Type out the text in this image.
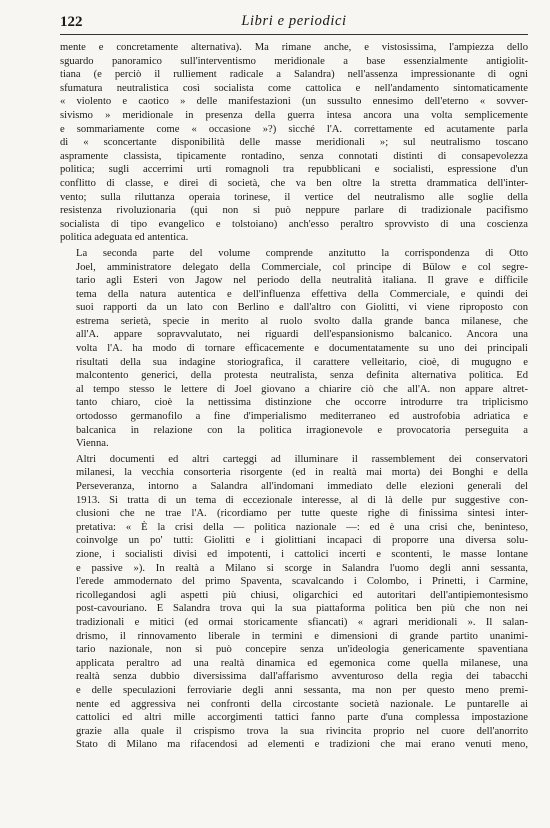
122	Libri e periodici
mente e concretamente alternativa). Ma rimane anche, e vistosissima, l'ampiezza dello
sguardo panoramico sull'interventismo meridionale a base essenzialmente antigiolit-
tiana (e perciò il rullìement radicale a Salandra) nell'assenza impressionante di ogni
sfumatura neutralistica così socialista come cattolica e nell'andamento sintomaticamente
« violento e caotico » delle manifestazioni (un sussulto ennesimo dell'eterno « sovver-
sivismo » meridionale in presenza della guerra intesa ancora una volta semplicemente
e sommariamente come « occasione »?) sicché l'A. correttamente ed acutamente parla
di « sconcertante disponibilità delle masse meridionali »; sul neutralismo toscano
aspramente classista, tipicamente rontadino, senza connotati distinti di consapevolezza
politica; sugli accerrimi urti romagnoli tra repubblicani e socialisti, espressione d'un
conflitto di classe, e direi di società, che va ben oltre la stretta drammatica dell'inter-
vento; sulla riluttanza operaia torinese, il vertice del neutralismo alle soglie della
resistenza rivoluzionaria (qui non si può neppure parlare di tradizionale pacifismo
socialista di tipo evangelico e tolstoiano) anch'esso peraltro sprovvisto di una coscienza
politica adeguata ed antentica.
La seconda parte del volume comprende anzitutto la corrispondenza di Otto
Joel, amministratore delegato della Commerciale, col principe di Bülow e col segre-
tario agli Esteri von Jagow nel periodo della neutralità italiana. Il grave e difficile
tema della natura autentica e dell'influenza effettiva della Commerciale, e quindi dei
suoi rapporti da un lato con Berlino e dall'altro con Giolitti, vi viene riproposto con
estrema serietà, specie in merito al ruolo svolto dalla grande banca milanese, che
all'A. appare sopravvalutato, nei riguardi dell'espansionismo balcanico. Ancora una
volta l'A. ha modo di tornare efficacemente e documentatamente su uno dei principali
risultati della sua indagine storiografica, il carattere velleitario, cioè, di mugugno e
malcontento generici, della protesta neutralista, senza definita alternativa politica. Ed
al tempo stesso le lettere di Joel giovano a chiarire ciò che all'A. non appare altret-
tanto chiaro, cioè la nettissima distinzione che occorre introdurre tra triplicismo
ortodosso germanofilo a fine d'imperialismo mediterraneo ed austrofobia adriatica e
balcanica in relazione con la politica irragionevole e provocatoria perseguita a
Vienna.
Altri documenti ed altri carteggi ad illuminare il rassemblement dei conservatori
milanesi, la vecchia consorteria risorgente (ed in realtà mai morta) dei Bonghi e della
Perseveranza, intorno a Salandra all'indomani immediato delle elezioni generali del
1913. Si tratta di un tema di eccezionale interesse, al di là delle pur suggestive con-
clusioni che ne trae l'A. (ricordiamo per tutte queste righe di finissima sintesi inter-
pretativa: « È la crisi della — politica nazionale —: ed è una crisi che, beninteso,
coinvolge un po' tutti: Giolitti e i giolittiani incapaci di proporre una diversa solu-
zione, i socialisti divisi ed impotenti, i cattolici incerti e scontenti, le masse lontane
e passive »). In realtà a Milano si scorge in Salandra l'uomo degli anni sessanta,
l'erede ammodernato del primo Spaventa, scavalcando i Colombo, i Prinetti, i Carmine,
ricollegandosi agli aspetti più chiusi, oligarchici ed autoritari dell'antipiemontesismo
post-cavouriano. E Salandra trova qui la sua piattaforma politica ben più che non nei
tradizionali e mitici (ed ormai storicamente sfiancati) « agrari meridionali ». Il salan-
drismo, il rinnovamento liberale in termini e dimensioni di grande partito unanimi-
tario nazionale, non si può concepire senza un'ideologia genericamente spaventiana
applicata peraltro ad una realtà dinamica ed egemonica come quella milanese, una
realtà senza dubbio diversissima dall'affarismo avventuroso della regìa dei tabacchi
e delle speculazioni ferroviarie degli anni sessanta, ma non per questo meno premi-
nente ed aggressiva nei confronti della circostante società nazionale. Le puntarelle ai
cattolici ed altri mille accorgimenti tattici fanno parte d'una complessa impostazione
grazie alla quale il crispismo trova la sua rivincita proprio nel cuore dell'anorrito
Stato di Milano ma rifacendosi ad elementi e tradizioni che mai erano venuti meno,
